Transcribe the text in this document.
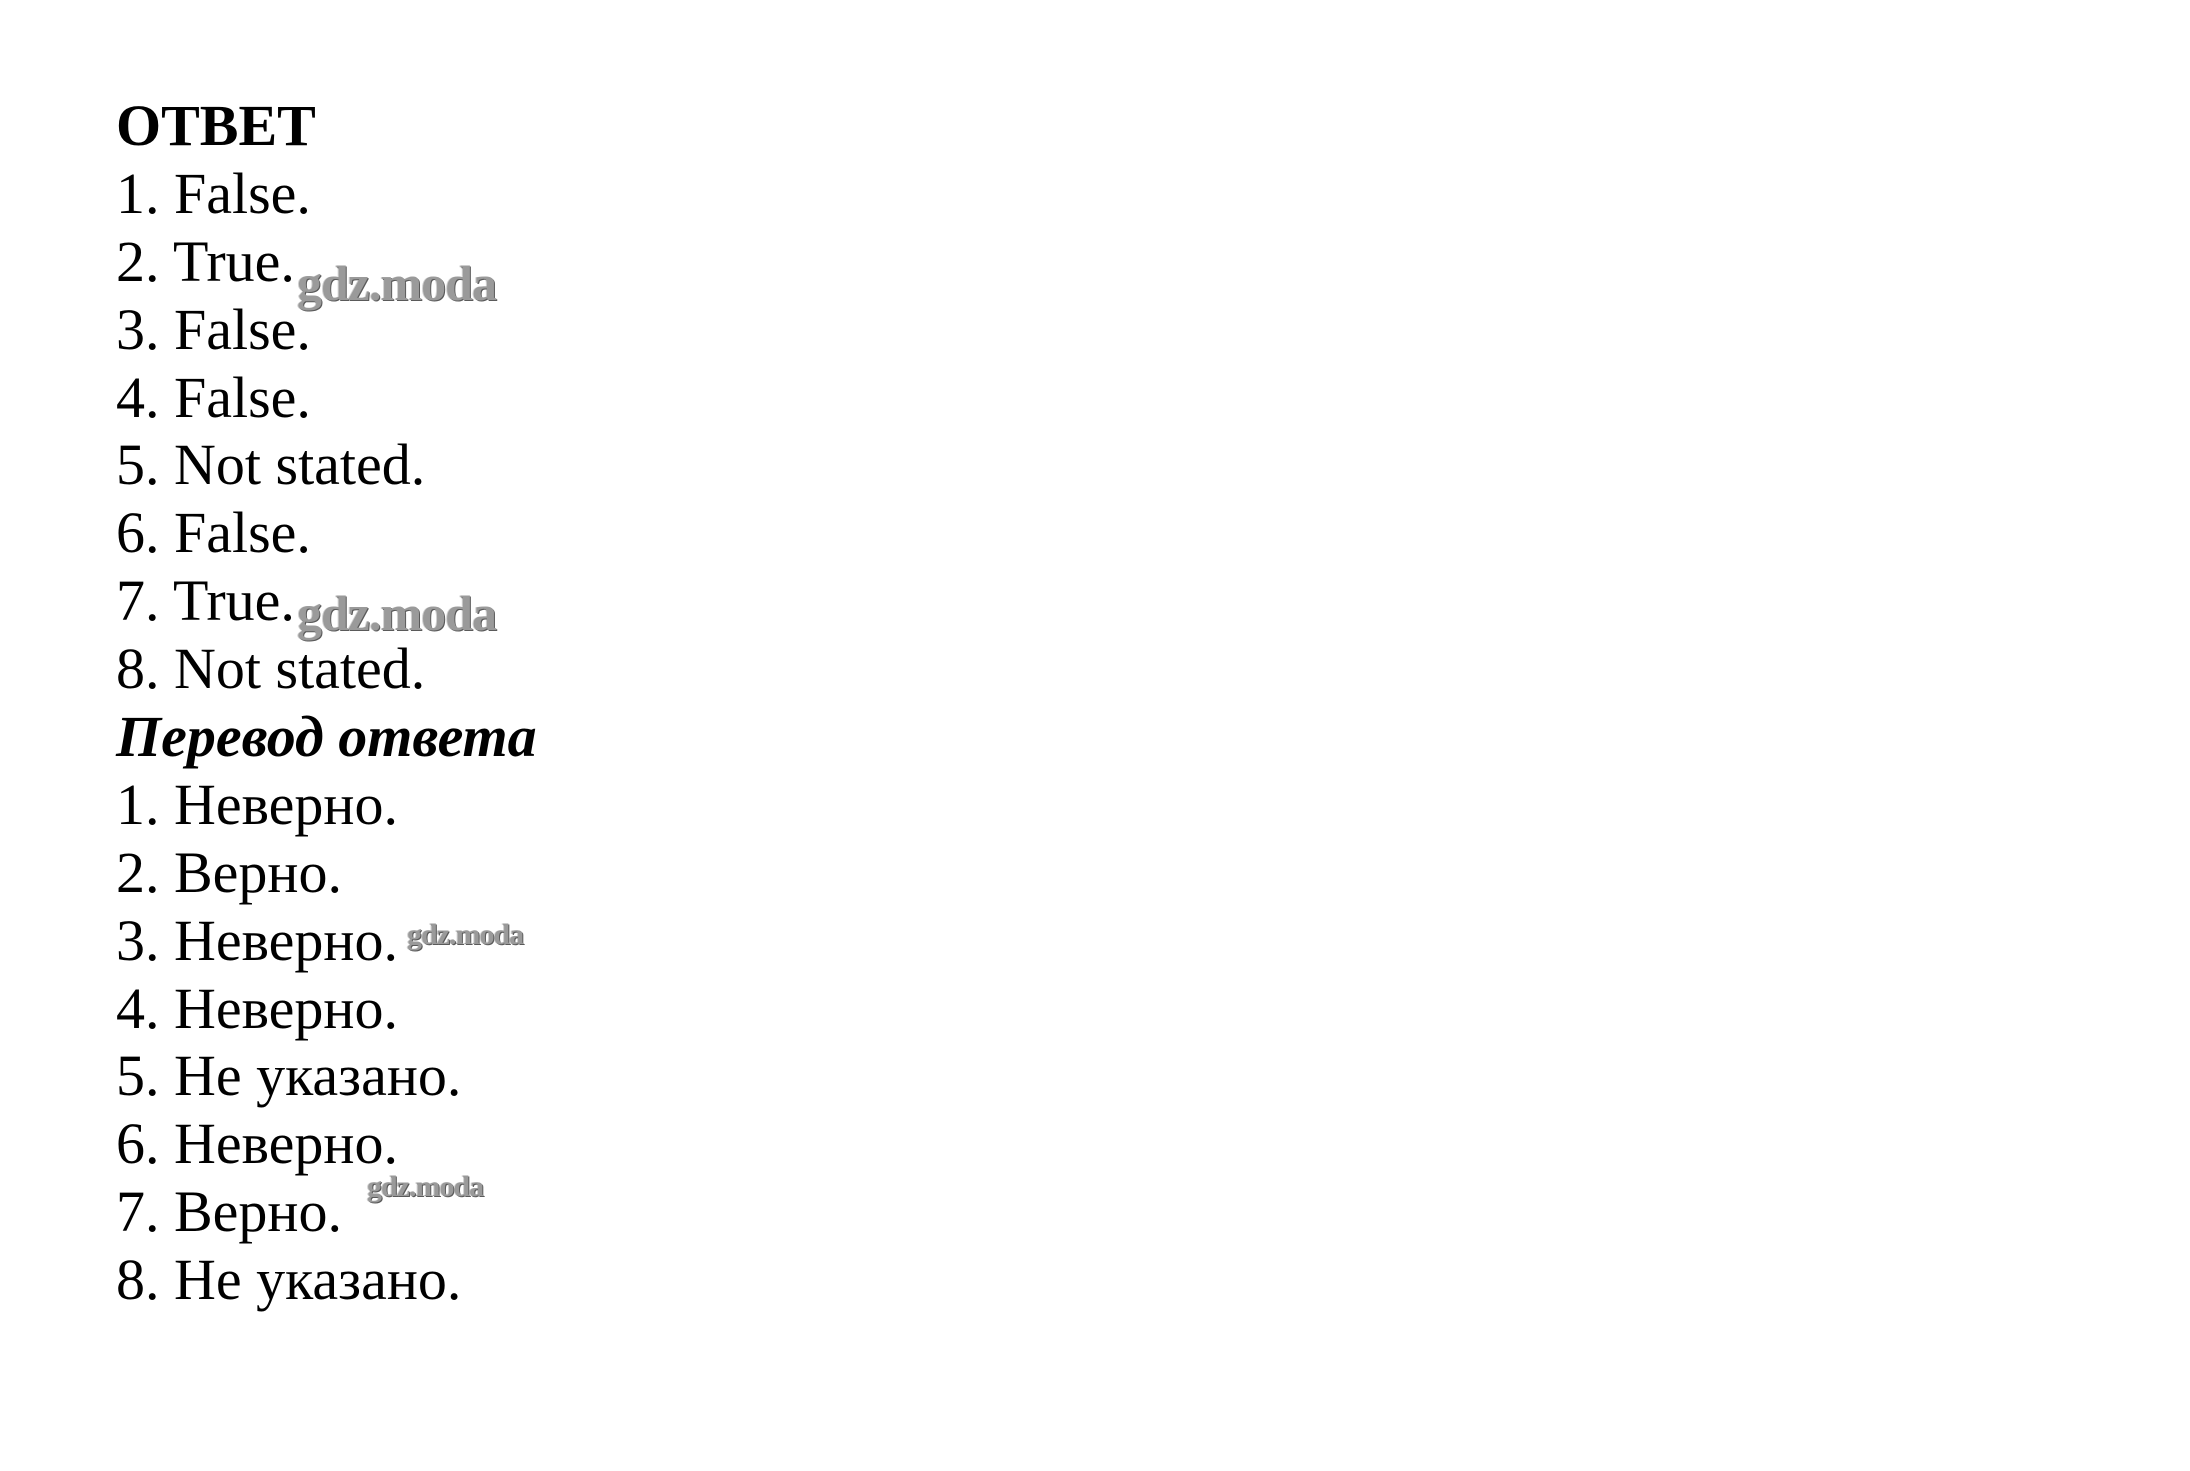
ОТВЕТ
1. False.
2. True.
3. False.
4. False.
5. Not stated.
6. False.
7. True.
8. Not stated.
Перевод ответа
1. Неверно.
2. Верно.
3. Неверно.
4. Неверно.
5. Не указано.
6. Неверно.
7. Верно.
8. Не указано.
gdz.moda
gdz.moda
gdz.moda
gdz.moda
